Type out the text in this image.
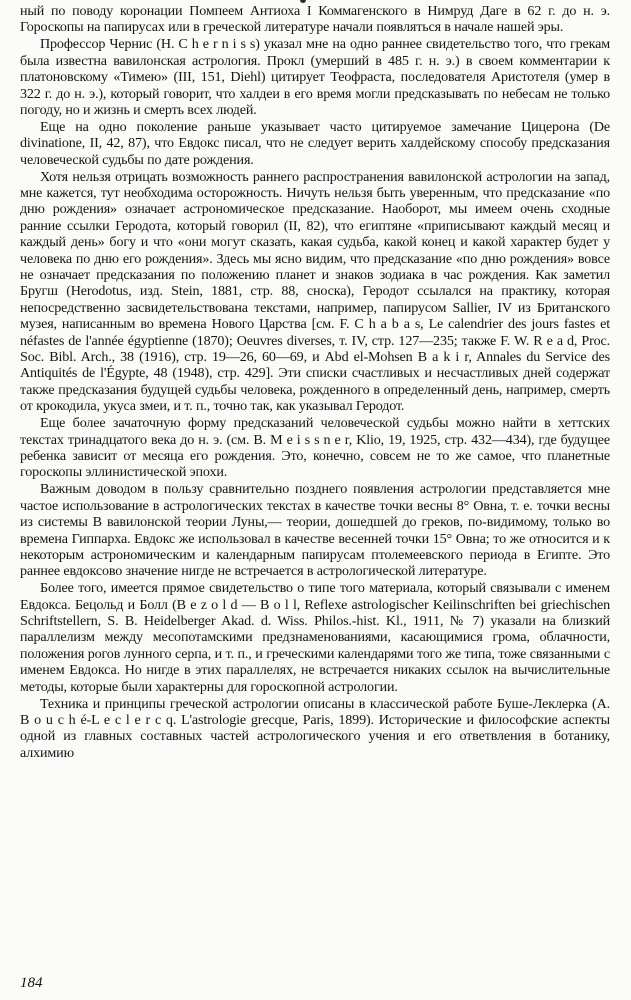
ный по поводу коронации Помпеем Антиоха I Коммагенского в Нимруд Даге в 62 г. до н. э. Гороскопы на папирусах или в греческой литературе начали появляться в начале нашей эры.

Профессор Чернис (H. C h e r n i s s) указал мне на одно раннее свидетельство того, что грекам была известна вавилонская астрология. Прокл (умерший в 485 г. н. э.) в своем комментарии к платоновскому «Тимею» (III, 151, Diehl) цитирует Теофраста, последователя Аристотеля (умер в 322 г. до н. э.), который говорит, что халдеи в его время могли предсказывать по небесам не только погоду, но и жизнь и смерть всех людей.

Еще на одно поколение раньше указывает часто цитируемое замечание Цицерона (De divinatione, II, 42, 87), что Евдокс писал, что не следует верить халдейскому способу предсказания человеческой судьбы по дате рождения.

Хотя нельзя отрицать возможность раннего распространения вавилонской астрологии на запад, мне кажется, тут необходима осторожность. Ничуть нельзя быть уверенным, что предсказание «по дню рождения» означает астрономическое предсказание. Наоборот, мы имеем очень сходные ранние ссылки Геродота, который говорил (II, 82), что египтяне «приписывают каждый месяц и каждый день» богу и что «они могут сказать, какая судьба, какой конец и какой характер будет у человека по дню его рождения». Здесь мы ясно видим, что предсказание «по дню рождения» вовсе не означает предсказания по положению планет и знаков зодиака в час рождения. Как заметил Бругш (Herodotus, изд. Stein, 1881, стр. 88, сноска), Геродот ссылался на практику, которая непосредственно засвидетельствована текстами, например, папирусом Sallier, IV из Британского музея, написанным во времена Нового Царства [см. F. C h a b a s, Le calendrier des jours fastes et néfastes de l'année égyptienne (1870); Oeuvres diverses, т. IV, стр. 127—235; также F. W. R e a d, Proc. Soc. Bibl. Arch., 38 (1916), стр. 19—26, 60—69, и Abd el-Mohsen B a k i r, Annales du Service des Antiquités de l'Égypte, 48 (1948), стр. 429]. Эти списки счастливых и несчастливых дней содержат также предсказания будущей судьбы человека, рожденного в определенный день, например, смерть от крокодила, укуса змеи, и т. п., точно так, как указывал Геродот.

Еще более зачаточную форму предсказаний человеческой судьбы можно найти в хеттских текстах тринадцатого века до н. э. (см. B. M e i s s n e r, Klio, 19, 1925, стр. 432—434), где будущее ребенка зависит от месяца его рождения. Это, конечно, совсем не то же самое, что планетные гороскопы эллинистической эпохи.

Важным доводом в пользу сравнительно позднего появления астрологии представляется мне частое использование в астрологических текстах в качестве точки весны 8° Овна, т. е. точки весны из системы В вавилонской теории Луны,— теории, дошедшей до греков, по-видимому, только во времена Гиппарха. Евдокс же использовал в качестве весенней точки 15° Овна; то же относится и к некоторым астрономическим и календарным папирусам птолемеевского периода в Египте. Это раннее евдоксово значение нигде не встречается в астрологической литературе.

Более того, имеется прямое свидетельство о типе того материала, который связывали с именем Евдокса. Бецольд и Болл (B e z o l d — B o l l, Reflexe astrologischer Keilinschriften bei griechischen Schriftstellern, S. B. Heidelberger Akad. d. Wiss. Philos.-hist. Kl., 1911, № 7) указали на близкий параллелизм между месопотамскими предзнаменованиями, касающимися грома, облачности, положения рогов лунного серпа, и т. п., и греческими календарями того же типа, тоже связанными с именем Евдокса. Но нигде в этих параллелях, не встречается никаких ссылок на вычислительные методы, которые были характерны для гороскопной астрологии.

Техника и принципы греческой астрологии описаны в классической работе Буше-Леклерка (A. B o u c h é-L e c l e r c q. L'astrologie grecque, Paris, 1899). Исторические и философские аспекты одной из главных составных частей астрологического учения и его ответвления в ботанику, алхимию

184
